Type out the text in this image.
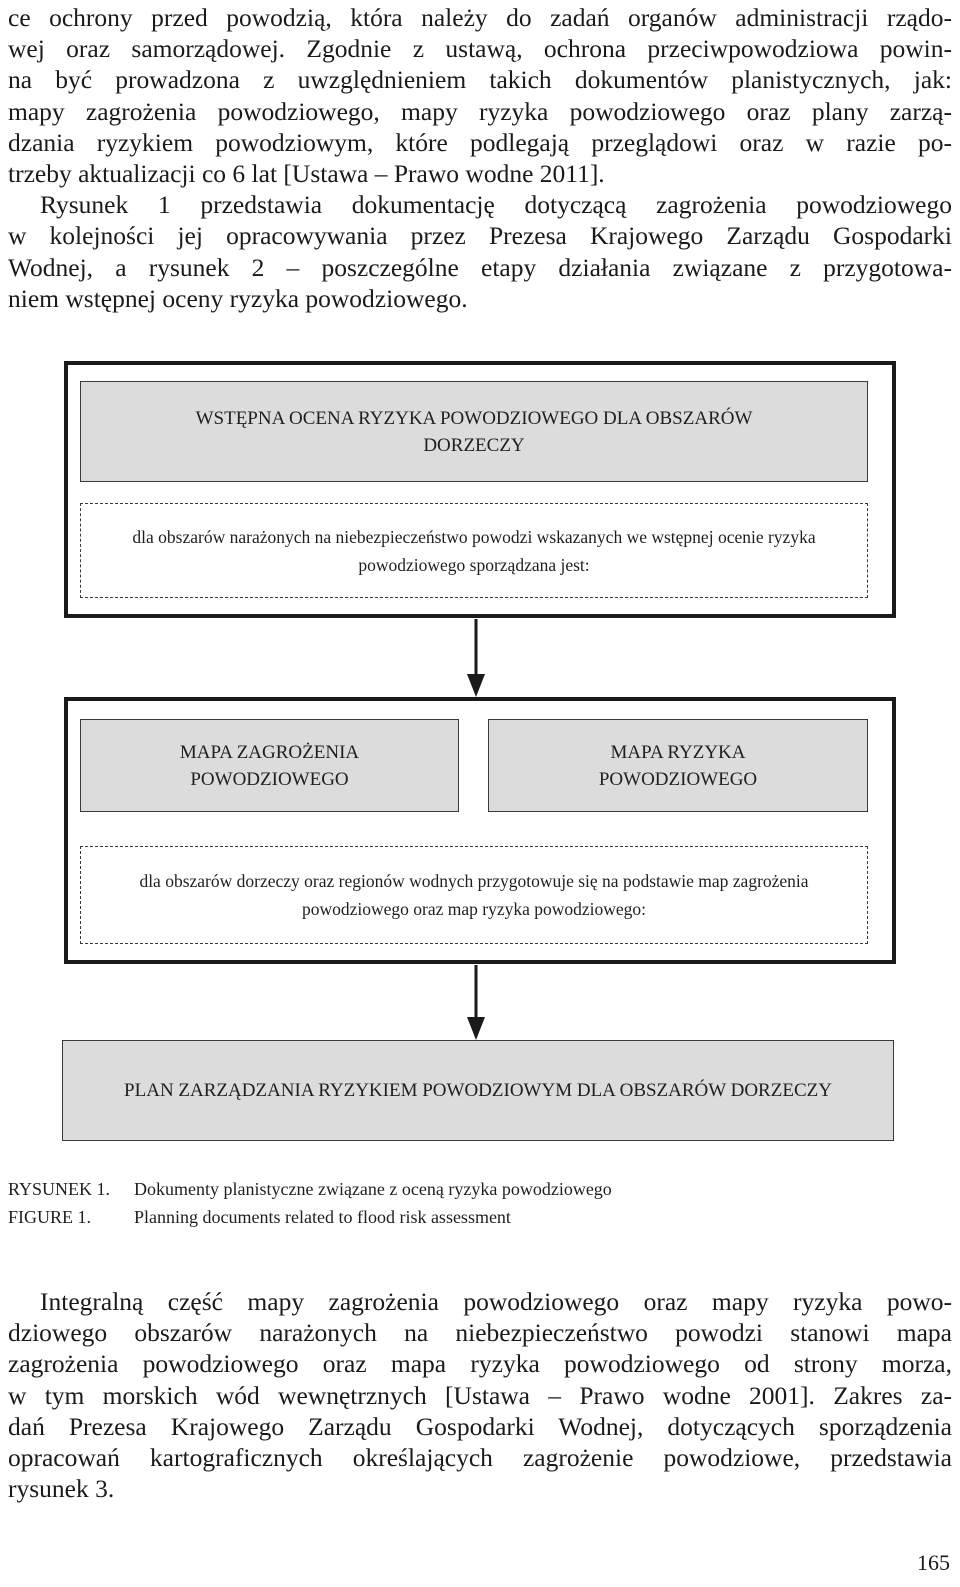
ce ochrony przed powodzią, która należy do zadań organów administracji rządo-
wej oraz samorządowej. Zgodnie z ustawą, ochrona przeciwpowodziowa powin-
na być prowadzona z uwzględnieniem takich dokumentów planistycznych, jak:
mapy zagrożenia powodziowego, mapy ryzyka powodziowego oraz plany zarzą-
dzania ryzykiem powodziowym, które podlegają przeglądowi oraz w razie po-
trzeby aktualizacji co 6 lat [Ustawa – Prawo wodne 2011].
Rysunek 1 przedstawia dokumentację dotyczącą zagrożenia powodziowego
w kolejności jej opracowywania przez Prezesa Krajowego Zarządu Gospodarki
Wodnej, a rysunek 2 – poszczególne etapy działania związane z przygotowa-
niem wstępnej oceny ryzyka powodziowego.
WSTĘPNA OCENA RYZYKA POWODZIOWEGO DLA OBSZARÓW DORZECZY
dla obszarów narażonych na niebezpieczeństwo powodzi wskazanych we wstępnej ocenie ryzyka powodziowego sporządzana jest:
MAPA ZAGROŻENIA POWODZIOWEGO
MAPA RYZYKA POWODZIOWEGO
dla obszarów dorzeczy oraz regionów wodnych przygotowuje się na podstawie map zagrożenia powodziowego oraz map ryzyka powodziowego:
PLAN ZARZĄDZANIA RYZYKIEM POWODZIOWYM DLA OBSZARÓW DORZECZY
RYSUNEK 1. Dokumenty planistyczne związane z oceną ryzyka powodziowego
FIGURE 1. Planning documents related to flood risk assessment
Integralną część mapy zagrożenia powodziowego oraz mapy ryzyka powo-
dziowego obszarów narażonych na niebezpieczeństwo powodzi stanowi mapa
zagrożenia powodziowego oraz mapa ryzyka powodziowego od strony morza,
w tym morskich wód wewnętrznych [Ustawa – Prawo wodne 2001]. Zakres za-
dań Prezesa Krajowego Zarządu Gospodarki Wodnej, dotyczących sporządzenia
opracowań kartograficznych określających zagrożenie powodziowe, przedstawia
rysunek 3.
165
